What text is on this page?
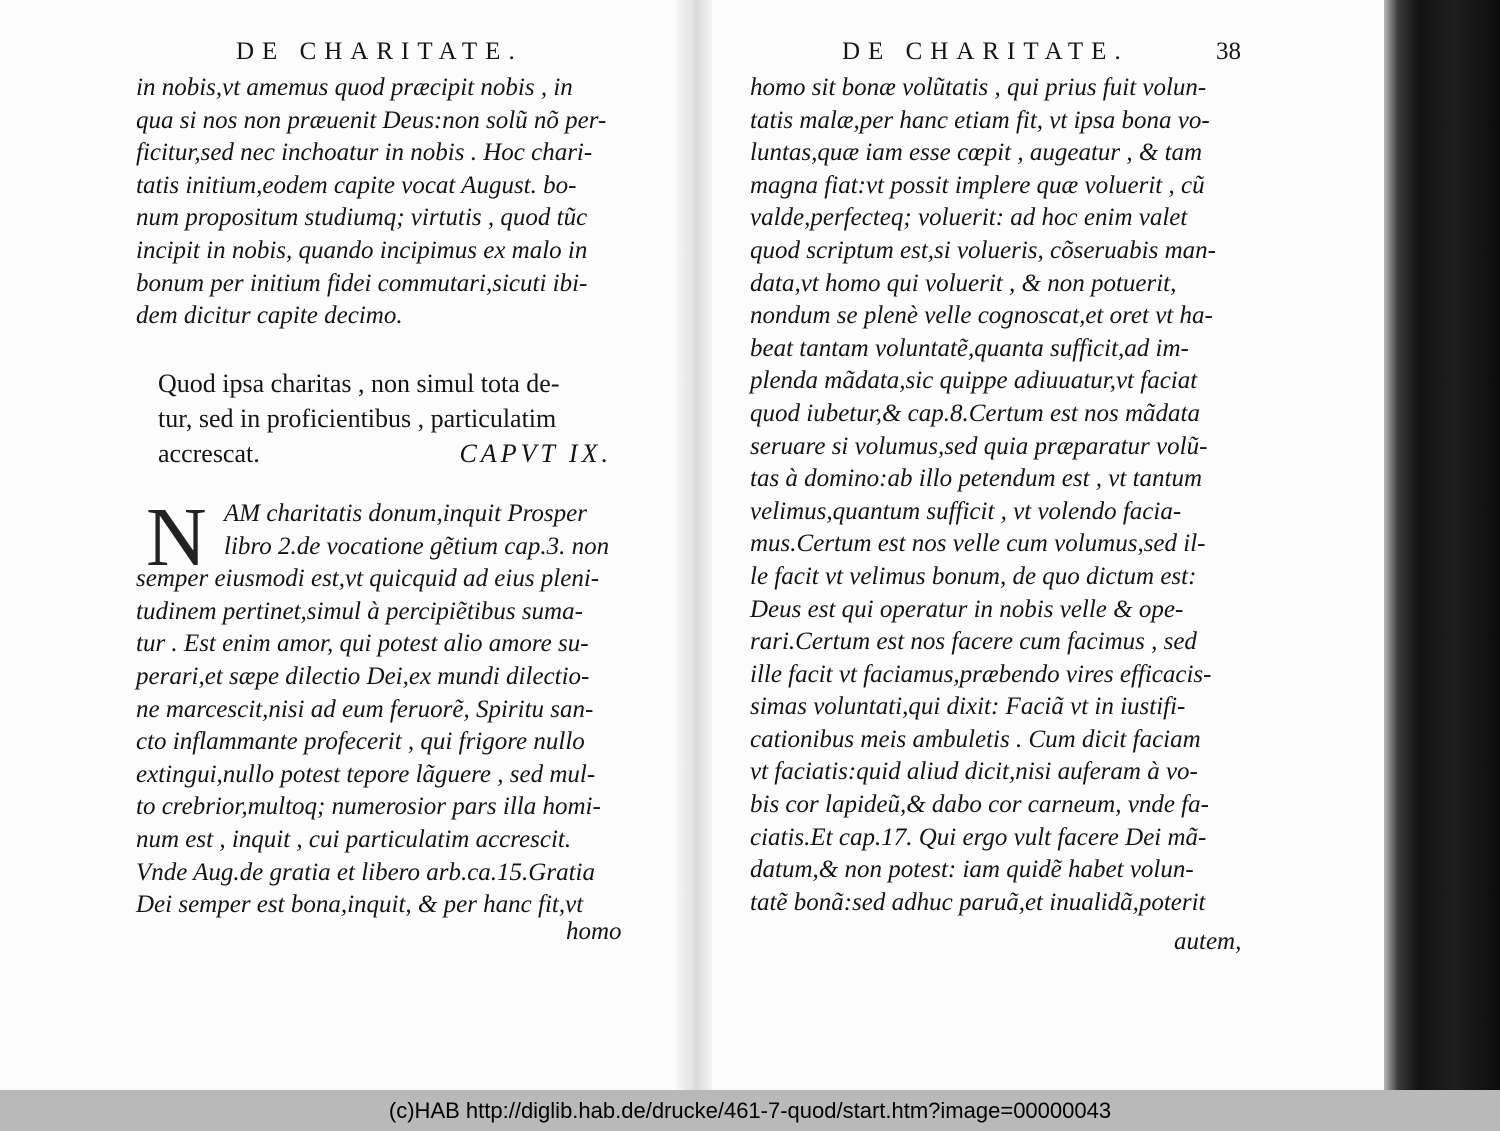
DE CHARITATE.
in nobis,vt amemus quod præcipit nobis , in
qua si nos non præuenit Deus:non solũ nõ per-
ficitur,sed nec inchoatur in nobis . Hoc chari-
tatis initium,eodem capite vocat August. bo-
num propositum studiumq; virtutis , quod tũc
incipit in nobis, quando incipimus ex malo in
bonum per initium fidei commutari,sicuti ibi-
dem dicitur capite decimo.
Quod ipsa charitas , non simul tota de-
tur, sed in proficientibus , particulatim
accrescat.	CAPVT IX.
N AM charitatis donum,inquit Prosper
libro 2.de vocatione gẽtium cap.3. non
semper eiusmodi est,vt quicquid ad eius pleni-
tudinem pertinet,simul à percipiẽtibus suma-
tur . Est enim amor, qui potest alio amore su-
perari,et sæpe dilectio Dei,ex mundi dilectio-
ne marcescit,nisi ad eum feruorẽ, Spiritu san-
cto inflammante profecerit , qui frigore nullo
extingui,nullo potest tepore lãguere , sed mul-
to crebrior,multoq; numerosior pars illa homi-
num est , inquit , cui particulatim accrescit.
Vnde Aug.de gratia et libero arb.ca.15.Gratia
Dei semper est bona,inquit, & per hanc fit,vt
homo
DE CHARITATE.	38
homo sit bonæ volũtatis , qui prius fuit volun-
tatis malæ,per hanc etiam fit, vt ipsa bona vo-
luntas,quæ iam esse cœpit , augeatur , & tam
magna fiat:vt possit implere quæ voluerit , cũ
valde,perfecteq; voluerit: ad hoc enim valet
quod scriptum est,si volueris, cõseruabis man-
data,vt homo qui voluerit , & non potuerit,
nondum se plenè velle cognoscat,et oret vt ha-
beat tantam voluntatẽ,quanta sufficit,ad im-
plenda mãdata,sic quippe adiuuatur,vt faciat
quod iubetur,& cap.8.Certum est nos mãdata
seruare si volumus,sed quia præparatur volũ-
tas à domino:ab illo petendum est , vt tantum
velimus,quantum sufficit , vt volendo facia-
mus.Certum est nos velle cum volumus,sed il-
le facit vt velimus bonum, de quo dictum est:
Deus est qui operatur in nobis velle & ope-
rari.Certum est nos facere cum facimus , sed
ille facit vt faciamus,præbendo vires efficacis-
simas voluntati,qui dixit: Faciã vt in iustifi-
cationibus meis ambuletis . Cum dicit faciam
vt faciatis:quid aliud dicit,nisi auferam à vo-
bis cor lapideũ,& dabo cor carneum, vnde fa-
ciatis.Et cap.17. Qui ergo vult facere Dei mã-
datum,& non potest: iam quidẽ habet volun-
tatẽ bonã:sed adhuc paruã,et inualidã,poterit
autem,
(c)HAB http://diglib.hab.de/drucke/461-7-quod/start.htm?image=00000043
